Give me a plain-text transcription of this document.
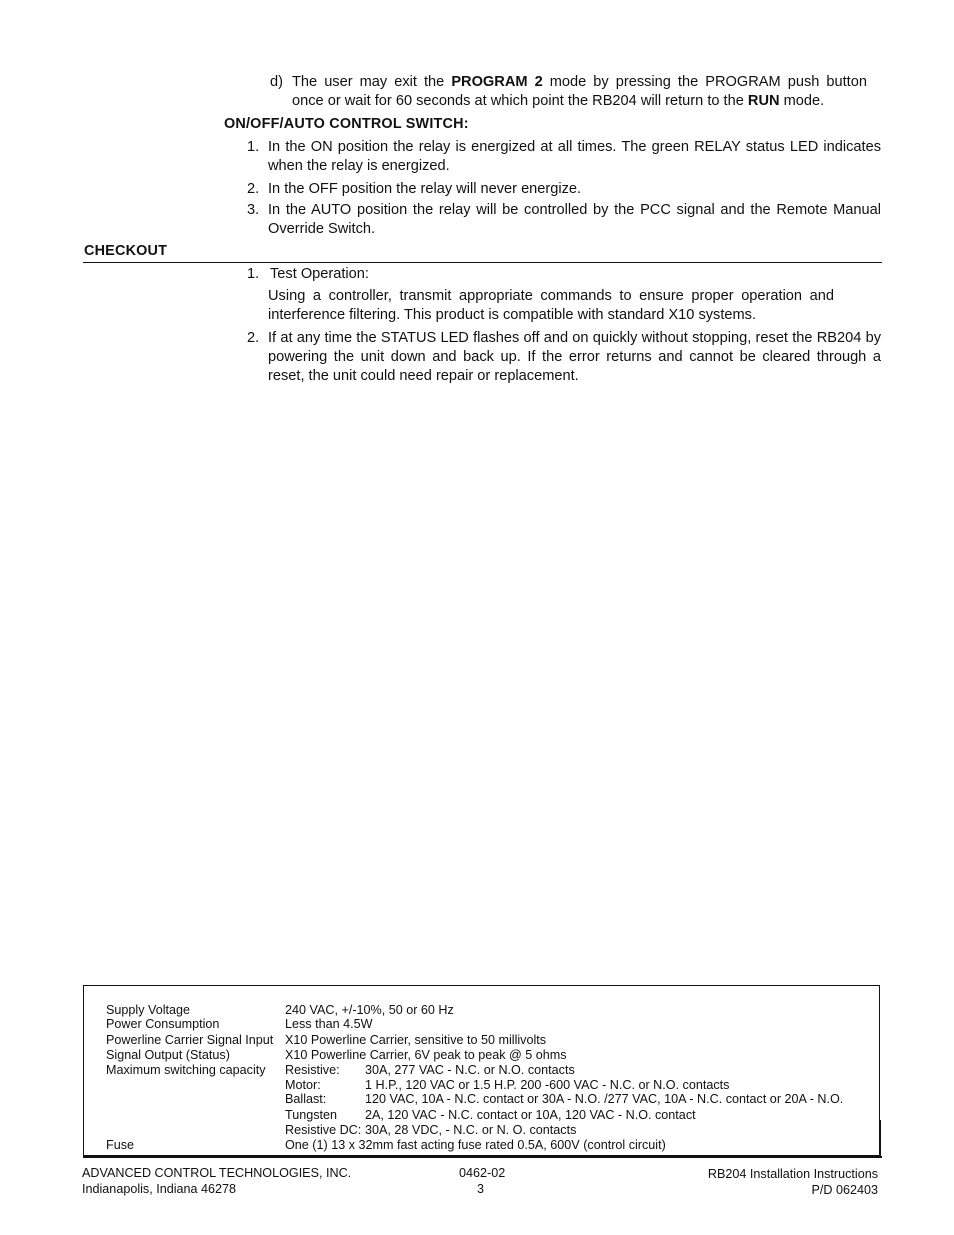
d) The user may exit the PROGRAM 2 mode by pressing the PROGRAM push button
once or wait for 60 seconds at which point the RB204 will return to the RUN mode.
ON/OFF/AUTO CONTROL SWITCH:
1. In the ON position the relay is energized at all times. The green RELAY status LED indicates when the relay is energized.
2. In the OFF position the relay will never energize.
3. In the AUTO position the relay will be controlled by the PCC signal and the Remote Manual Override Switch.
CHECKOUT
1. Test Operation:
Using a controller, transmit appropriate commands to ensure proper operation and interference filtering. This product is compatible with standard X10 systems.
2. If at any time the STATUS LED flashes off and on quickly without stopping, reset the RB204 by powering the unit down and back up. If the error returns and cannot be cleared through a reset, the unit could need repair or replacement.
Supply Voltage	240 VAC, +/-10%, 50 or 60 Hz
Power Consumption	Less than 4.5W
Powerline Carrier Signal Input X10 Powerline Carrier, sensitive to 50 millivolts
Signal Output (Status)	X10 Powerline Carrier, 6V peak to peak @ 5 ohms
Maximum switching capacity Resistive: 30A, 277 VAC - N.C. or N.O. contacts
Motor:	1 H.P., 120 VAC or 1.5 H.P. 200 -600 VAC - N.C. or N.O. contacts
Ballast:	120 VAC, 10A - N.C. contact or 30A - N.O. /277 VAC, 10A - N.C. contact or 20A - N.O.
Tungsten 2A, 120 VAC - N.C. contact or 10A, 120 VAC - N.O. contact
Resistive DC: 30A, 28 VDC, - N.C. or N. O. contacts
Fuse	One (1) 13 x 32mm fast acting fuse rated 0.5A, 600V (control circuit)
ADVANCED CONTROL TECHNOLOGIES, INC.
Indianapolis, Indiana 46278
0462-02
3
RB204 Installation Instructions
P/D 062403
